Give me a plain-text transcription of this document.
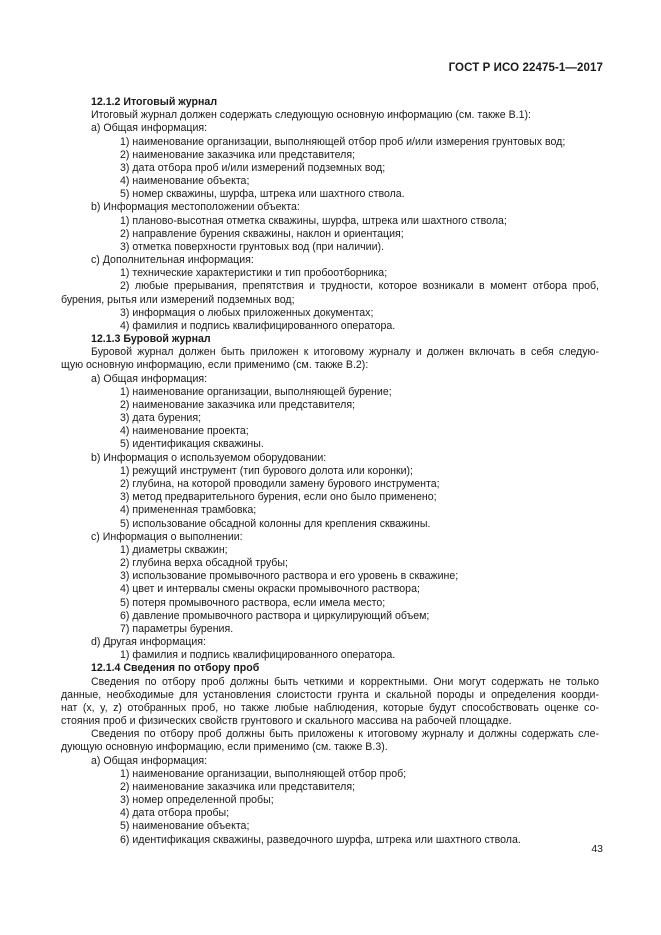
ГОСТ Р ИСО 22475-1—2017
12.1.2 Итоговый журнал
Итоговый журнал должен содержать следующую основную информацию (см. также В.1):
а) Общая информация:
1) наименование организации, выполняющей отбор проб и/или измерения грунтовых вод;
2) наименование заказчика или представителя;
3) дата отбора проб и/или измерений подземных вод;
4) наименование объекта;
5) номер скважины, шурфа, штрека или шахтного ствола.
b) Информация местоположении объекта:
1) планово-высотная отметка скважины, шурфа, штрека или шахтного ствола;
2) направление бурения скважины, наклон и ориентация;
3) отметка поверхности грунтовых вод (при наличии).
с) Дополнительная информация:
1) технические характеристики и тип пробоотборника;
2) любые прерывания, препятствия и трудности, которое возникали в момент отбора проб,
бурения, рытья или измерений подземных вод;
3) информация о любых приложенных документах;
4) фамилия и подпись квалифицированного оператора.
12.1.3 Буровой журнал
Буровой журнал должен быть приложен к итоговому журналу и должен включать в себя следую-
щую основную информацию, если применимо (см. также В.2):
а) Общая информация:
1) наименование организации, выполняющей бурение;
2) наименование заказчика или представителя;
3) дата бурения;
4) наименование проекта;
5) идентификация скважины.
b) Информация о используемом оборудовании:
1) режущий инструмент (тип бурового долота или коронки);
2) глубина, на которой проводили замену бурового инструмента;
3) метод предварительного бурения, если оно было применено;
4) примененная трамбовка;
5) использование обсадной колонны для крепления скважины.
с) Информация о выполнении:
1) диаметры скважин;
2) глубина верха обсадной трубы;
3) использование промывочного раствора и его уровень в скважине;
4) цвет и интервалы смены окраски промывочного раствора;
5) потеря промывочного раствора, если имела место;
6) давление промывочного раствора и циркулирующий объем;
7) параметры бурения.
d) Другая информация:
1) фамилия и подпись квалифицированного оператора.
12.1.4 Сведения по отбору проб
Сведения по отбору проб должны быть четкими и корректными. Они могут содержать не только
данные, необходимые для установления слоистости грунта и скальной породы и определения коорди-
нат (x, y, z) отобранных проб, но также любые наблюдения, которые будут способствовать оценке со-
стояния проб и физических свойств грунтового и скального массива на рабочей площадке.
Сведения по отбору проб должны быть приложены к итоговому журналу и должны содержать сле-
дующую основную информацию, если применимо (см. также В.3).
а) Общая информация:
1) наименование организации, выполняющей отбор проб;
2) наименование заказчика или представителя;
3) номер определенной пробы;
4) дата отбора пробы;
5) наименование объекта;
6) идентификация скважины, разведочного шурфа, штрека или шахтного ствола.
43
